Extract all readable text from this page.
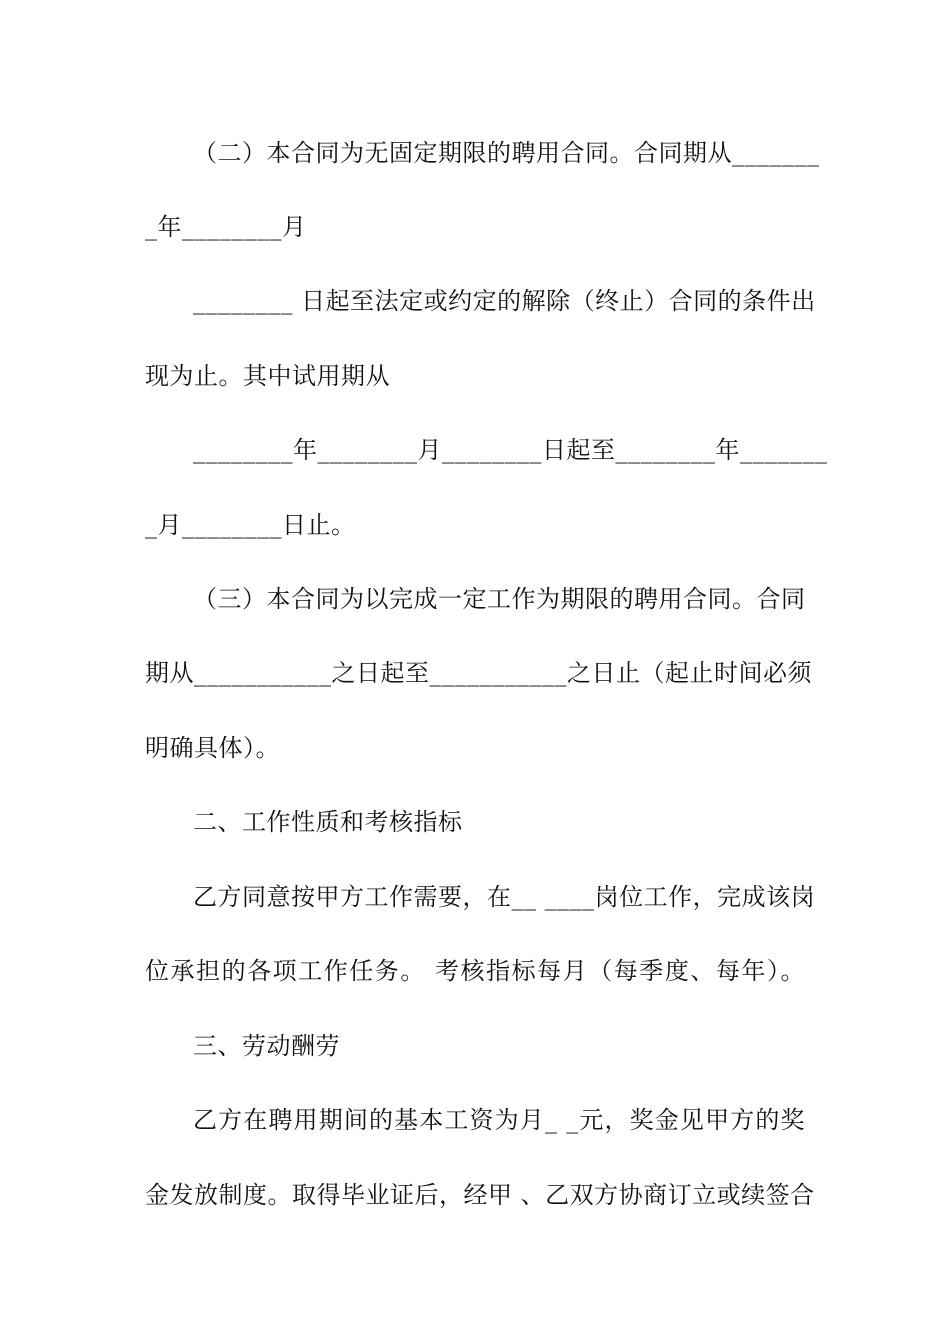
（二）本合同为无固定期限的聘用合同。合同期从_______
_年________月
________ 日起至法定或约定的解除（终止）合同的条件出
现为止。其中试用期从
________年________月________日起至________年_______
_月________日止。
（三）本合同为以完成一定工作为期限的聘用合同。合同
期从___________之日起至___________之日止（起止时间必须
明确具体）。
二、工作性质和考核指标
乙方同意按甲方工作需要，在__ ____岗位工作，完成该岗
位承担的各项工作任务。 考核指标每月（每季度、每年）。
三、劳动酬劳
乙方在聘用期间的基本工资为月_ _元，奖金见甲方的奖
金发放制度。取得毕业证后，经甲 、乙双方协商订立或续签合
